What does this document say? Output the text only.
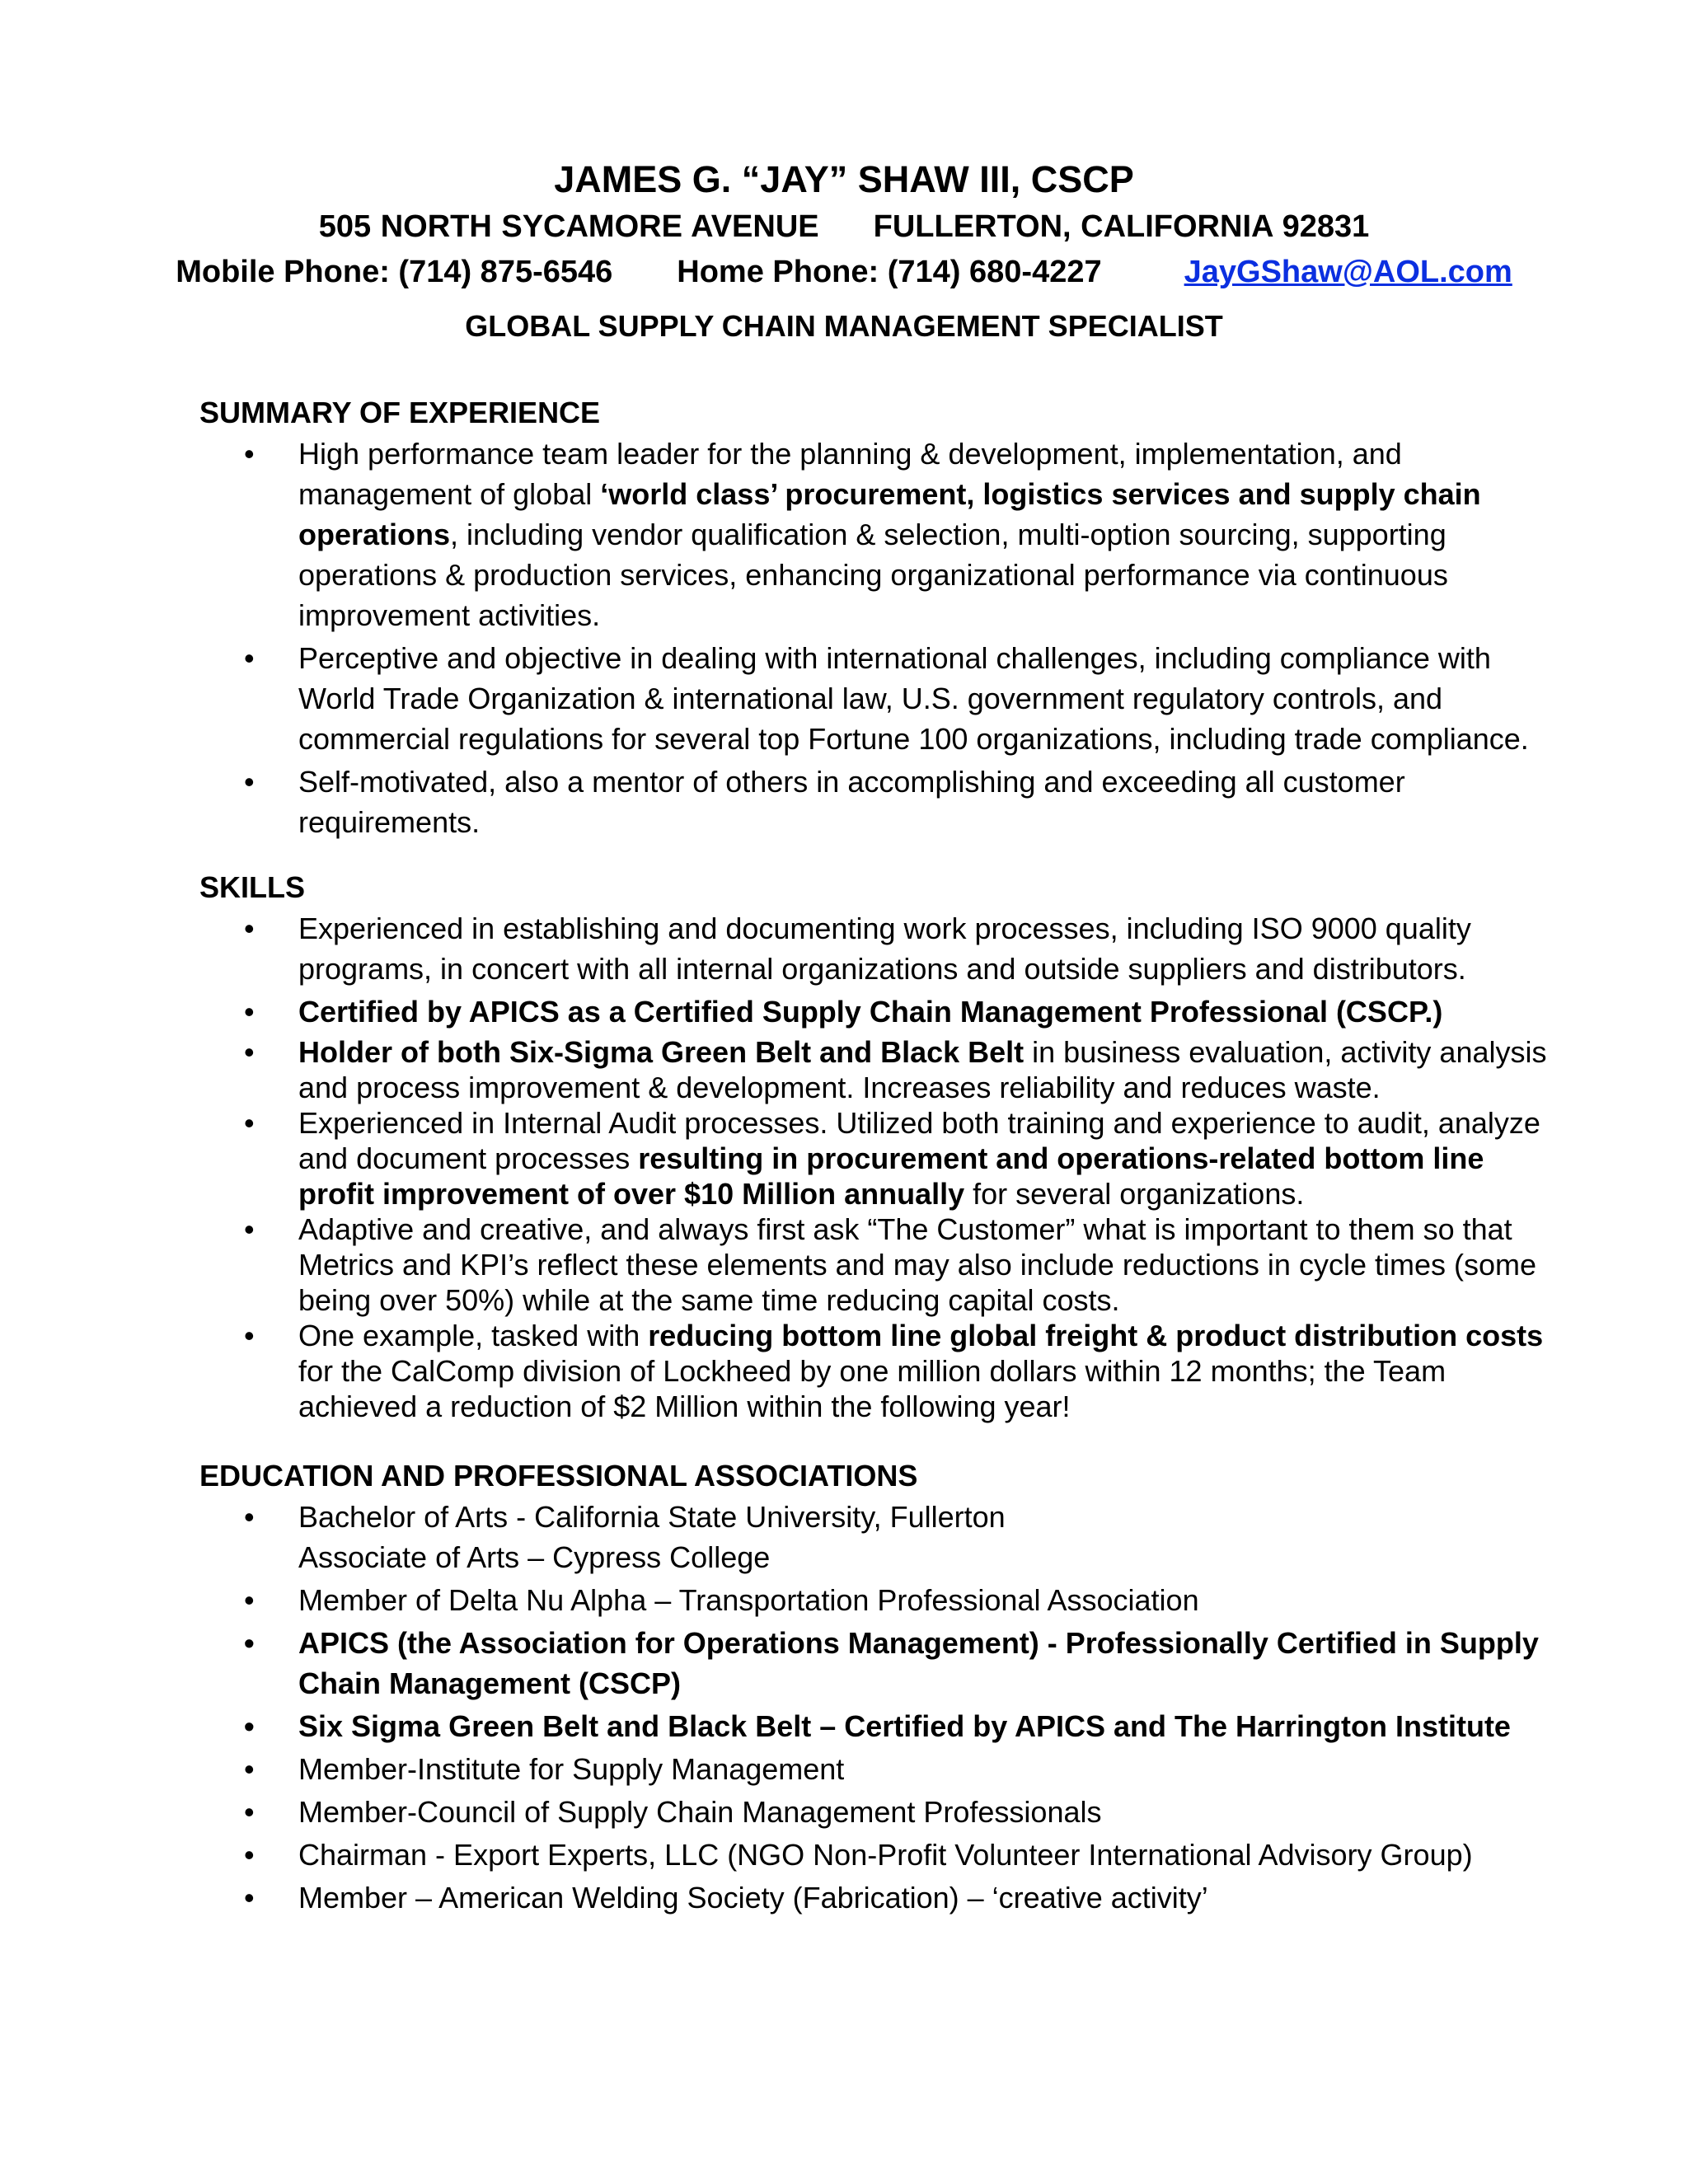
JAMES G. “JAY” SHAW III, CSCP
505 NORTH SYCAMORE AVENUE FULLERTON, CALIFORNIA 92831
Mobile Phone: (714) 875-6546 Home Phone: (714) 680-4227	JayGShaw@AOL.com
GLOBAL SUPPLY CHAIN MANAGEMENT SPECIALIST
SUMMARY OF EXPERIENCE
• High performance team leader for the planning & development, implementation, and management of global ‘world class’ procurement, logistics services and supply chain operations, including vendor qualification & selection, multi-option sourcing, supporting operations & production services, enhancing organizational performance via continuous improvement activities.
• Perceptive and objective in dealing with international challenges, including compliance with World Trade Organization & international law, U.S. government regulatory controls, and commercial regulations for several top Fortune 100 organizations, including trade compliance.
• Self-motivated, also a mentor of others in accomplishing and exceeding all customer requirements.
SKILLS
• Experienced in establishing and documenting work processes, including ISO 9000 quality programs, in concert with all internal organizations and outside suppliers and distributors.
• Certified by APICS as a Certified Supply Chain Management Professional (CSCP.)
• Holder of both Six-Sigma Green Belt and Black Belt in business evaluation, activity analysis and process improvement & development. Increases reliability and reduces waste.
• Experienced in Internal Audit processes. Utilized both training and experience to audit, analyze and document processes resulting in procurement and operations-related bottom line profit improvement of over $10 Million annually for several organizations.
• Adaptive and creative, and always first ask “The Customer” what is important to them so that Metrics and KPI’s reflect these elements and may also include reductions in cycle times (some being over 50%) while at the same time reducing capital costs.
• One example, tasked with reducing bottom line global freight & product distribution costs for the CalComp division of Lockheed by one million dollars within 12 months; the Team achieved a reduction of $2 Million within the following year!
EDUCATION AND PROFESSIONAL ASSOCIATIONS
• Bachelor of Arts - California State University, Fullerton
Associate of Arts – Cypress College
• Member of Delta Nu Alpha – Transportation Professional Association
• APICS (the Association for Operations Management) - Professionally Certified in Supply Chain Management (CSCP)
• Six Sigma Green Belt and Black Belt – Certified by APICS and The Harrington Institute
• Member-Institute for Supply Management
• Member-Council of Supply Chain Management Professionals
• Chairman - Export Experts, LLC (NGO Non-Profit Volunteer International Advisory Group)
• Member – American Welding Society (Fabrication) – ‘creative activity’
